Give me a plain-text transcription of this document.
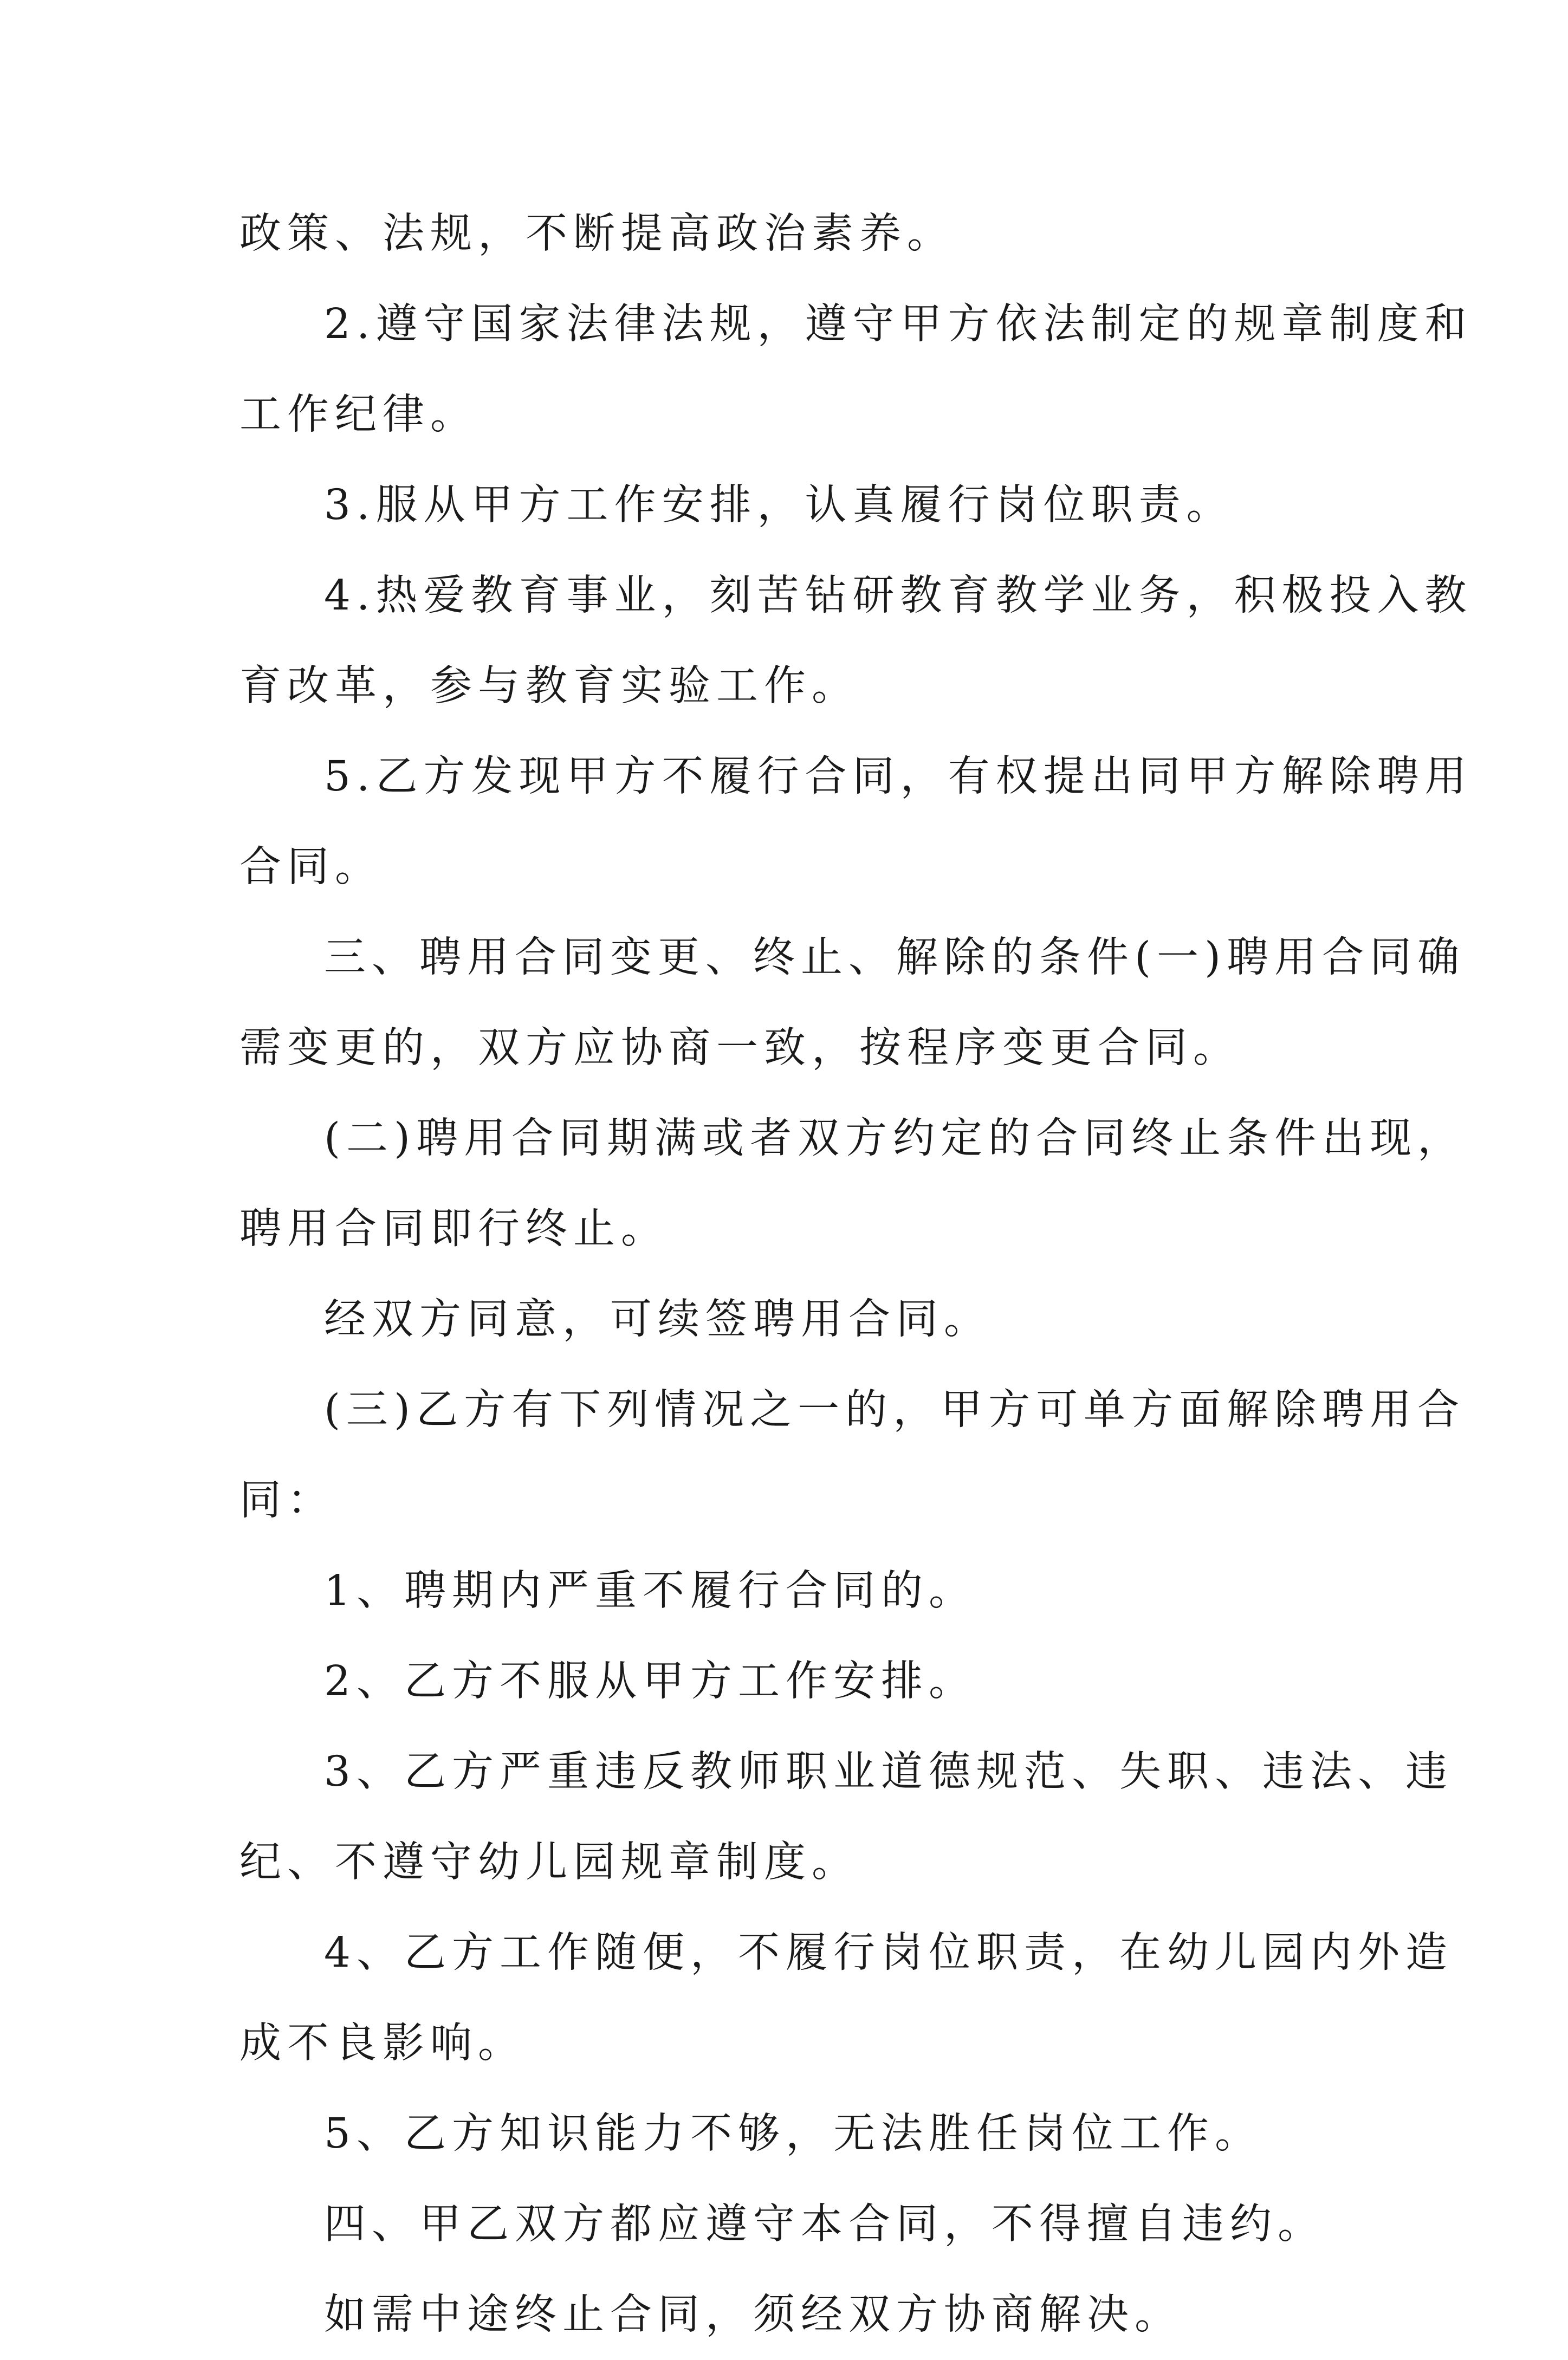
政策、法规，不断提高政治素养。

2.遵守国家法律法规，遵守甲方依法制定的规章制度和
工作纪律。

3.服从甲方工作安排，认真履行岗位职责。

4.热爱教育事业，刻苦钻研教育教学业务，积极投入教
育改革，参与教育实验工作。

5.乙方发现甲方不履行合同，有权提出同甲方解除聘用
合同。

三、聘用合同变更、终止、解除的条件(一)聘用合同确
需变更的，双方应协商一致，按程序变更合同。

(二)聘用合同期满或者双方约定的合同终止条件出现，
聘用合同即行终止。

经双方同意，可续签聘用合同。

(三)乙方有下列情况之一的，甲方可单方面解除聘用合
同：

1、聘期内严重不履行合同的。

2、乙方不服从甲方工作安排。

3、乙方严重违反教师职业道德规范、失职、违法、违
纪、不遵守幼儿园规章制度。

4、乙方工作随便，不履行岗位职责，在幼儿园内外造
成不良影响。

5、乙方知识能力不够，无法胜任岗位工作。

四、甲乙双方都应遵守本合同，不得擅自违约。

如需中途终止合同，须经双方协商解决。
